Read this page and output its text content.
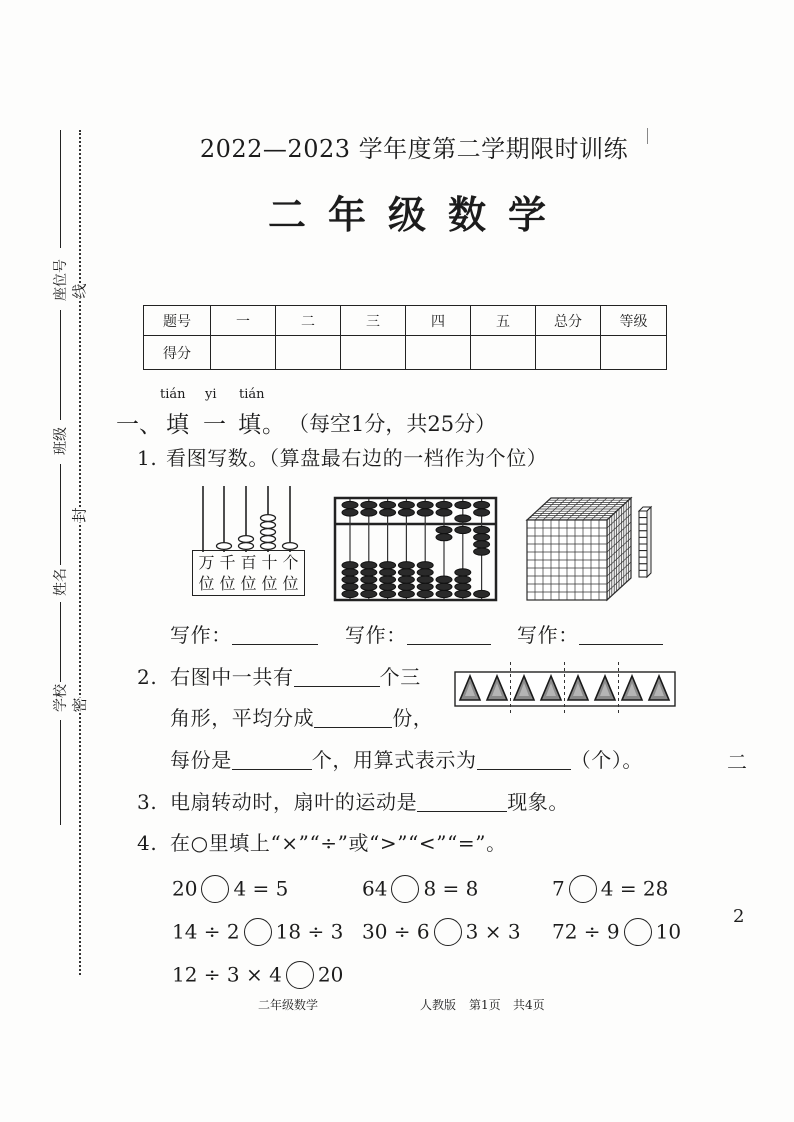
座位号
班级
姓名
学校
线
封
密
2022—2023 学年度第二学期限时训练
二年级数学
题号	一	二	三	四	五	总分	等级
得分							
tián yi tián
一、 填 一 填 。 （每空1分，共25分）
1. 看图写数。（算盘最右边的一档作为个位）
万 千 百 十 个
位 位 位 位 位
写作：	写作：	写作：
2. 右图中一共有	个三
角形，平均分成	份，
每份是	个，用算式表示为	（个）。
3. 电扇转动时，扇叶的运动是	现象。
4. 在○里填上“×”“÷”或“>”“<”“=”。
20 4 = 5	64 8 = 8	7 4 = 28
14 ÷ 2 18 ÷ 3 30 ÷ 6 3 × 3 72 ÷ 9 10
12 ÷ 3 × 4 20
二
2
二年级数学	人教版 第1页 共4页
